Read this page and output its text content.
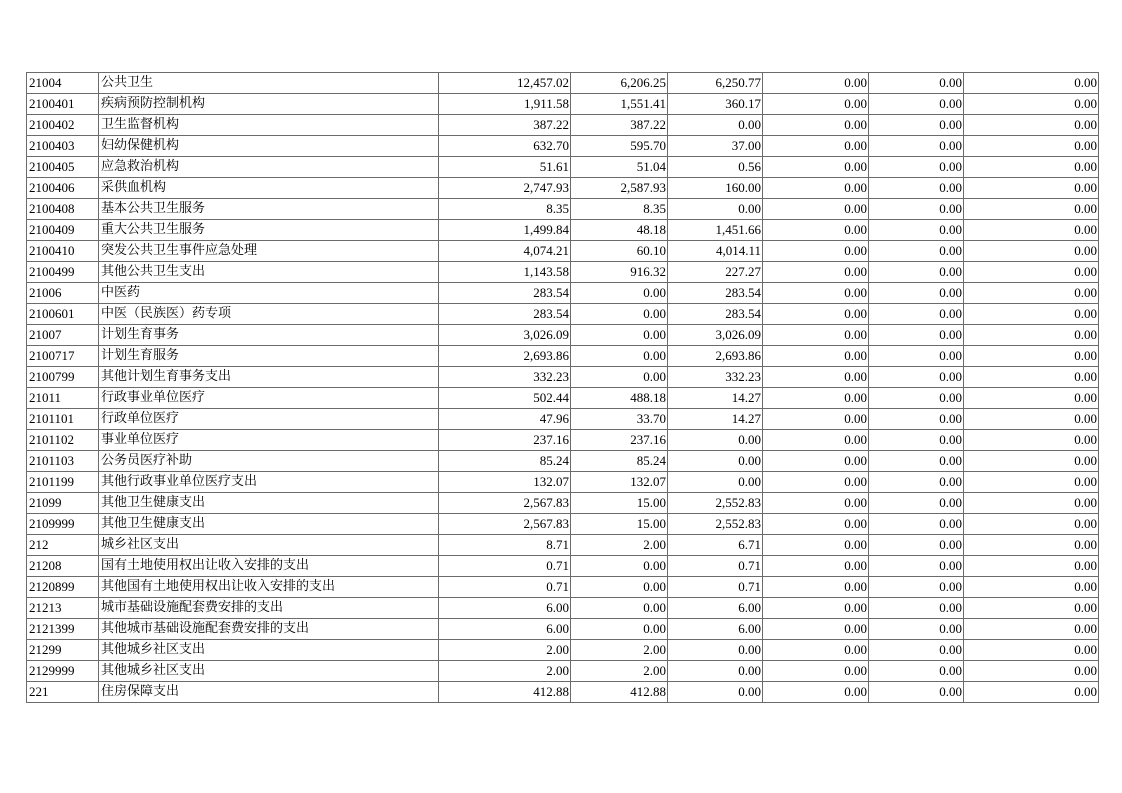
21004	公共卫生	12,457.02	6,206.25	6,250.77	0.00	0.00	0.00
2100401	疾病预防控制机构	1,911.58	1,551.41	360.17	0.00	0.00	0.00
2100402	卫生监督机构	387.22	387.22	0.00	0.00	0.00	0.00
2100403	妇幼保健机构	632.70	595.70	37.00	0.00	0.00	0.00
2100405	应急救治机构	51.61	51.04	0.56	0.00	0.00	0.00
2100406	采供血机构	2,747.93	2,587.93	160.00	0.00	0.00	0.00
2100408	基本公共卫生服务	8.35	8.35	0.00	0.00	0.00	0.00
2100409	重大公共卫生服务	1,499.84	48.18	1,451.66	0.00	0.00	0.00
2100410	突发公共卫生事件应急处理	4,074.21	60.10	4,014.11	0.00	0.00	0.00
2100499	其他公共卫生支出	1,143.58	916.32	227.27	0.00	0.00	0.00
21006	中医药	283.54	0.00	283.54	0.00	0.00	0.00
2100601	中医（民族医）药专项	283.54	0.00	283.54	0.00	0.00	0.00
21007	计划生育事务	3,026.09	0.00	3,026.09	0.00	0.00	0.00
2100717	计划生育服务	2,693.86	0.00	2,693.86	0.00	0.00	0.00
2100799	其他计划生育事务支出	332.23	0.00	332.23	0.00	0.00	0.00
21011	行政事业单位医疗	502.44	488.18	14.27	0.00	0.00	0.00
2101101	行政单位医疗	47.96	33.70	14.27	0.00	0.00	0.00
2101102	事业单位医疗	237.16	237.16	0.00	0.00	0.00	0.00
2101103	公务员医疗补助	85.24	85.24	0.00	0.00	0.00	0.00
2101199	其他行政事业单位医疗支出	132.07	132.07	0.00	0.00	0.00	0.00
21099	其他卫生健康支出	2,567.83	15.00	2,552.83	0.00	0.00	0.00
2109999	其他卫生健康支出	2,567.83	15.00	2,552.83	0.00	0.00	0.00
212	城乡社区支出	8.71	2.00	6.71	0.00	0.00	0.00
21208	国有土地使用权出让收入安排的支出	0.71	0.00	0.71	0.00	0.00	0.00
2120899	其他国有土地使用权出让收入安排的支出	0.71	0.00	0.71	0.00	0.00	0.00
21213	城市基础设施配套费安排的支出	6.00	0.00	6.00	0.00	0.00	0.00
2121399	其他城市基础设施配套费安排的支出	6.00	0.00	6.00	0.00	0.00	0.00
21299	其他城乡社区支出	2.00	2.00	0.00	0.00	0.00	0.00
2129999	其他城乡社区支出	2.00	2.00	0.00	0.00	0.00	0.00
221	住房保障支出	412.88	412.88	0.00	0.00	0.00	0.00
